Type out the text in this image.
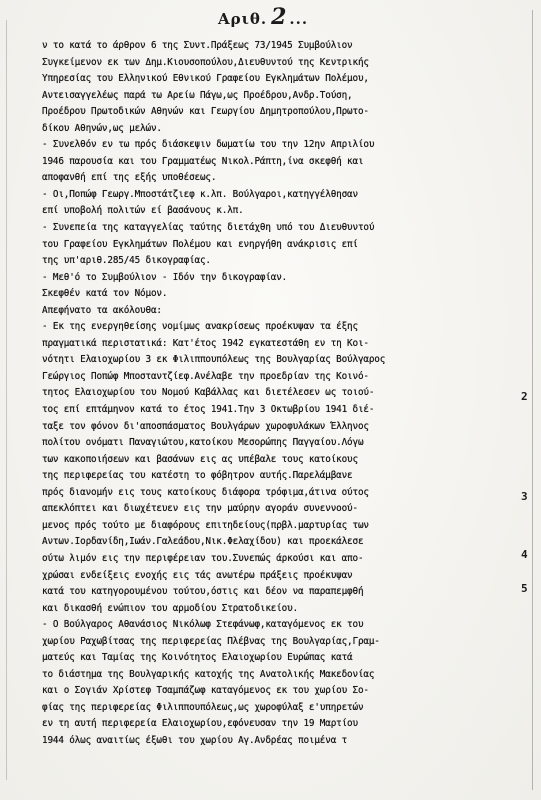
Αριθ. 2 ...
ν το κατά το άρθρον 6 της Συντ.Πράξεως 73/1945 Συμβούλιον
Συγκείμενον εκ των Δημ.Κιουσοπούλου,Διευθυντού της Κεντρικής
Υπηρεσίας του Ελληνικού Εθνικού Γραφείου Εγκλημάτων Πολέμου,
Αντεισαγγελέως παρά τω Αρείω Πάγω,ως Προέδρου,Ανδρ.Τούση,
Προέδρου Πρωτοδικών Αθηνών και Γεωργίου Δημητροπούλου,Πρωτο-
δίκου Αθηνών,ως μελών.
- Συνελθόν εν τω πρός διάσκεψιν δωματίω του την 12ην Απριλίου
1946 παρουσία και του Γραμματέως Νικολ.Ράπτη,ίνα σκεφθή και
αποφανθή επί της εξής υποθέσεως.
- Οι,Ποπώφ Γεωργ.Μποστάτζιεφ κ.λπ. Βούλγαροι,κατηγγέλθησαν
επί υποβολή πολιτών εί βασάνους κ.λπ.
- Συνεπεία της καταγγελίας ταύτης διετάχθη υπό του Διευθυντού
του Γραφείου Εγκλημάτων Πολέμου και ενηργήθη ανάκρισις επί
της υπ'αριθ.285/45 δικογραφίας.
- Μεθ'ό το Συμβούλιον - Ιδόν την δικογραφίαν.
Σκεφθέν κατά τον Νόμον.
Απεφήνατο τα ακόλουθα:
- Εκ της ενεργηθείσης νομίμως ανακρίσεως προέκυψαν τα έξης
πραγματικά περιστατικά: Κατ'έτος 1942 εγκατεστάθη εν τη Κοι-
νότητι Ελαιοχωρίου 3 εκ Φιλιππουπόλεως της Βουλγαρίας Βούλγαρος
Γεώργιος Ποπώφ Μποσταντζίεφ.Ανέλαβε την προεδρίαν της Κοινό-
τητος Ελαιοχωρίου του Νομού Καβάλλας και διετέλεσεν ως τοιού-
τος επί επτάμηνον κατά το έτος 1941.Την 3 Οκτωβρίου 1941 διέ-
ταξε τον φόνον δι'αποσπάσματος Βουλγάρων χωροφυλάκων Έλληνος
πολίτου ονόματι Παναγιώτου,κατοίκου Μεσορώπης Παγγαίου.Λόγω
των κακοποιήσεων και βασάνων εις ας υπέβαλε τους κατοίκους
της περιφερείας του κατέστη το φόβητρον αυτής.Παρελάμβανε
πρός διανομήν εις τους κατοίκους διάφορα τρόφιμα,άτινα ούτος
απεκλόπτει και διωχέτευεν εις την μαύρην αγοράν συνεννοού-
μενος πρός τούτο με διαφόρους επιτηδείους(πρβλ.μαρτυρίας των
Αντων.Ιορδανίδη,Ιωάν.Γαλεάδου,Νικ.Φελαχίδου) και προεκάλεσε
ούτω λιμόν εις την περιφέρειαν του.Συνεπώς άρκούσι και απο-
χρώσαι ενδείξεις ενοχής εις τάς ανωτέρω πράξεις προέκυψαν
κατά του κατηγορουμένου τούτου,όστις και δέον να παραπεμφθή
και δικασθή ενώπιον του αρμοδίου Στρατοδικείου.
- Ο Βούλγαρος Αθανάσιος Νικόλωφ Στεφάνωφ,καταγόμενος εκ του
χωρίου Ραχωβίτσας της περιφερείας Πλέβνας της Βουλγαρίας,Γραμ-
ματεύς και Ταμίας της Κοινότητος Ελαιοχωρίου Ευρώπας κατά
το διάστημα της Βουλγαρικής κατοχής της Ανατολικής Μακεδονίας
και ο Σογιάν Χρίστεφ Τσαμπάζωφ καταγόμενος εκ του χωρίου Σο-
φίας της περιφερείας Φιλιππουπόλεως,ως χωροφύλαξ ε'υπηρετών
εν τη αυτή περιφερεία Ελαιοχωρίου,εφόνευσαν την 19 Μαρτίου
1944 όλως αναιτίως έξωθι του χωρίου Αγ.Ανδρέας ποιμένα τ
2
3
4
5
